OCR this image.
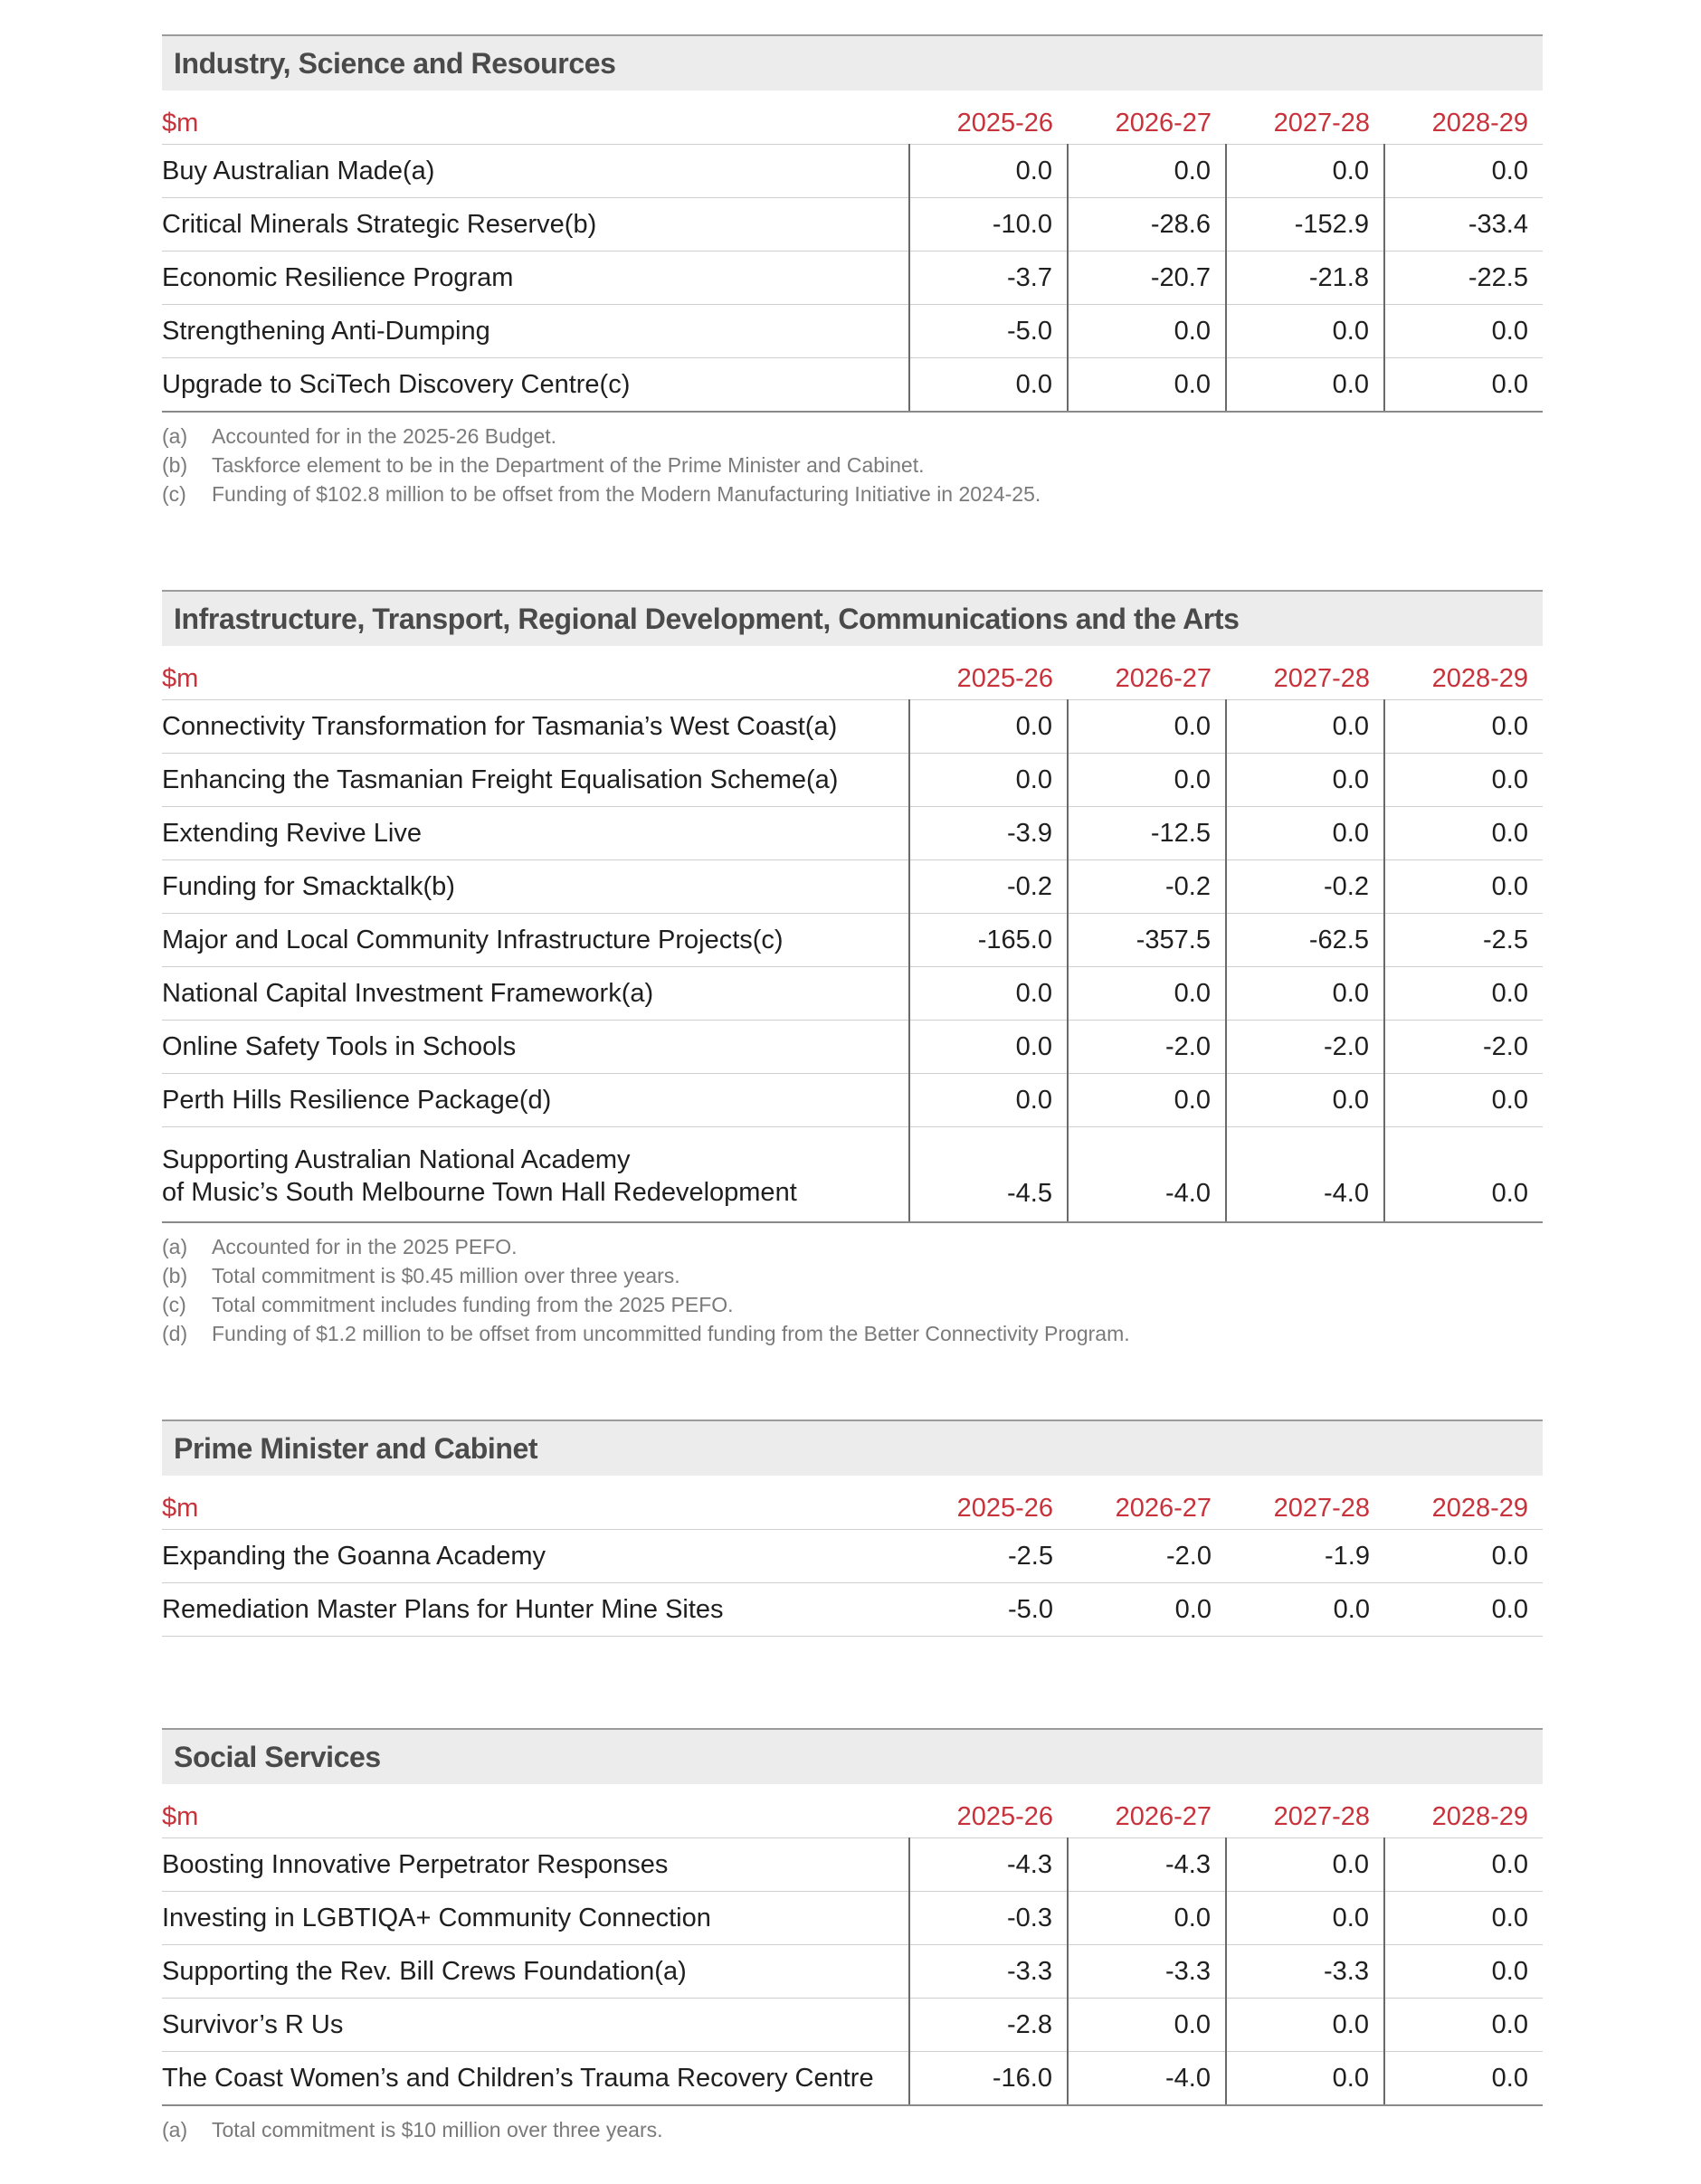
Industry, Science and Resources
$m	2025-26	2026-27	2027-28	2028-29
Buy Australian Made(a)	0.0	0.0	0.0	0.0
Critical Minerals Strategic Reserve(b)	-10.0	-28.6	-152.9	-33.4
Economic Resilience Program	-3.7	-20.7	-21.8	-22.5
Strengthening Anti-Dumping	-5.0	0.0	0.0	0.0
Upgrade to SciTech Discovery Centre(c)	0.0	0.0	0.0	0.0
(a)	Accounted for in the 2025-26 Budget.
(b)	Taskforce element to be in the Department of the Prime Minister and Cabinet.
(c)	Funding of $102.8 million to be offset from the Modern Manufacturing Initiative in 2024-25.
Infrastructure, Transport, Regional Development, Communications and the Arts
$m	2025-26	2026-27	2027-28	2028-29
Connectivity Transformation for Tasmania’s West Coast(a)	0.0	0.0	0.0	0.0
Enhancing the Tasmanian Freight Equalisation Scheme(a)	0.0	0.0	0.0	0.0
Extending Revive Live	-3.9	-12.5	0.0	0.0
Funding for Smacktalk(b)	-0.2	-0.2	-0.2	0.0
Major and Local Community Infrastructure Projects(c)	-165.0	-357.5	-62.5	-2.5
National Capital Investment Framework(a)	0.0	0.0	0.0	0.0
Online Safety Tools in Schools	0.0	-2.0	-2.0	-2.0
Perth Hills Resilience Package(d)	0.0	0.0	0.0	0.0

Supporting Australian National Academy
of Music’s South Melbourne Town Hall Redevelopment	-4.5	-4.0	-4.0	0.0
(a)	Accounted for in the 2025 PEFO.
(b)	Total commitment is $0.45 million over three years.
(c)	Total commitment includes funding from the 2025 PEFO.
(d)	Funding of $1.2 million to be offset from uncommitted funding from the Better Connectivity Program.
Prime Minister and Cabinet
$m	2025-26	2026-27	2027-28	2028-29
Expanding the Goanna Academy	-2.5	-2.0	-1.9	0.0
Remediation Master Plans for Hunter Mine Sites	-5.0	0.0	0.0	0.0
Social Services
$m	2025-26	2026-27	2027-28	2028-29
Boosting Innovative Perpetrator Responses	-4.3	-4.3	0.0	0.0
Investing in LGBTIQA+ Community Connection	-0.3	0.0	0.0	0.0
Supporting the Rev. Bill Crews Foundation(a)	-3.3	-3.3	-3.3	0.0
Survivor’s R Us	-2.8	0.0	0.0	0.0
The Coast Women’s and Children’s Trauma Recovery Centre	-16.0	-4.0	0.0	0.0
(a)	Total commitment is $10 million over three years.
